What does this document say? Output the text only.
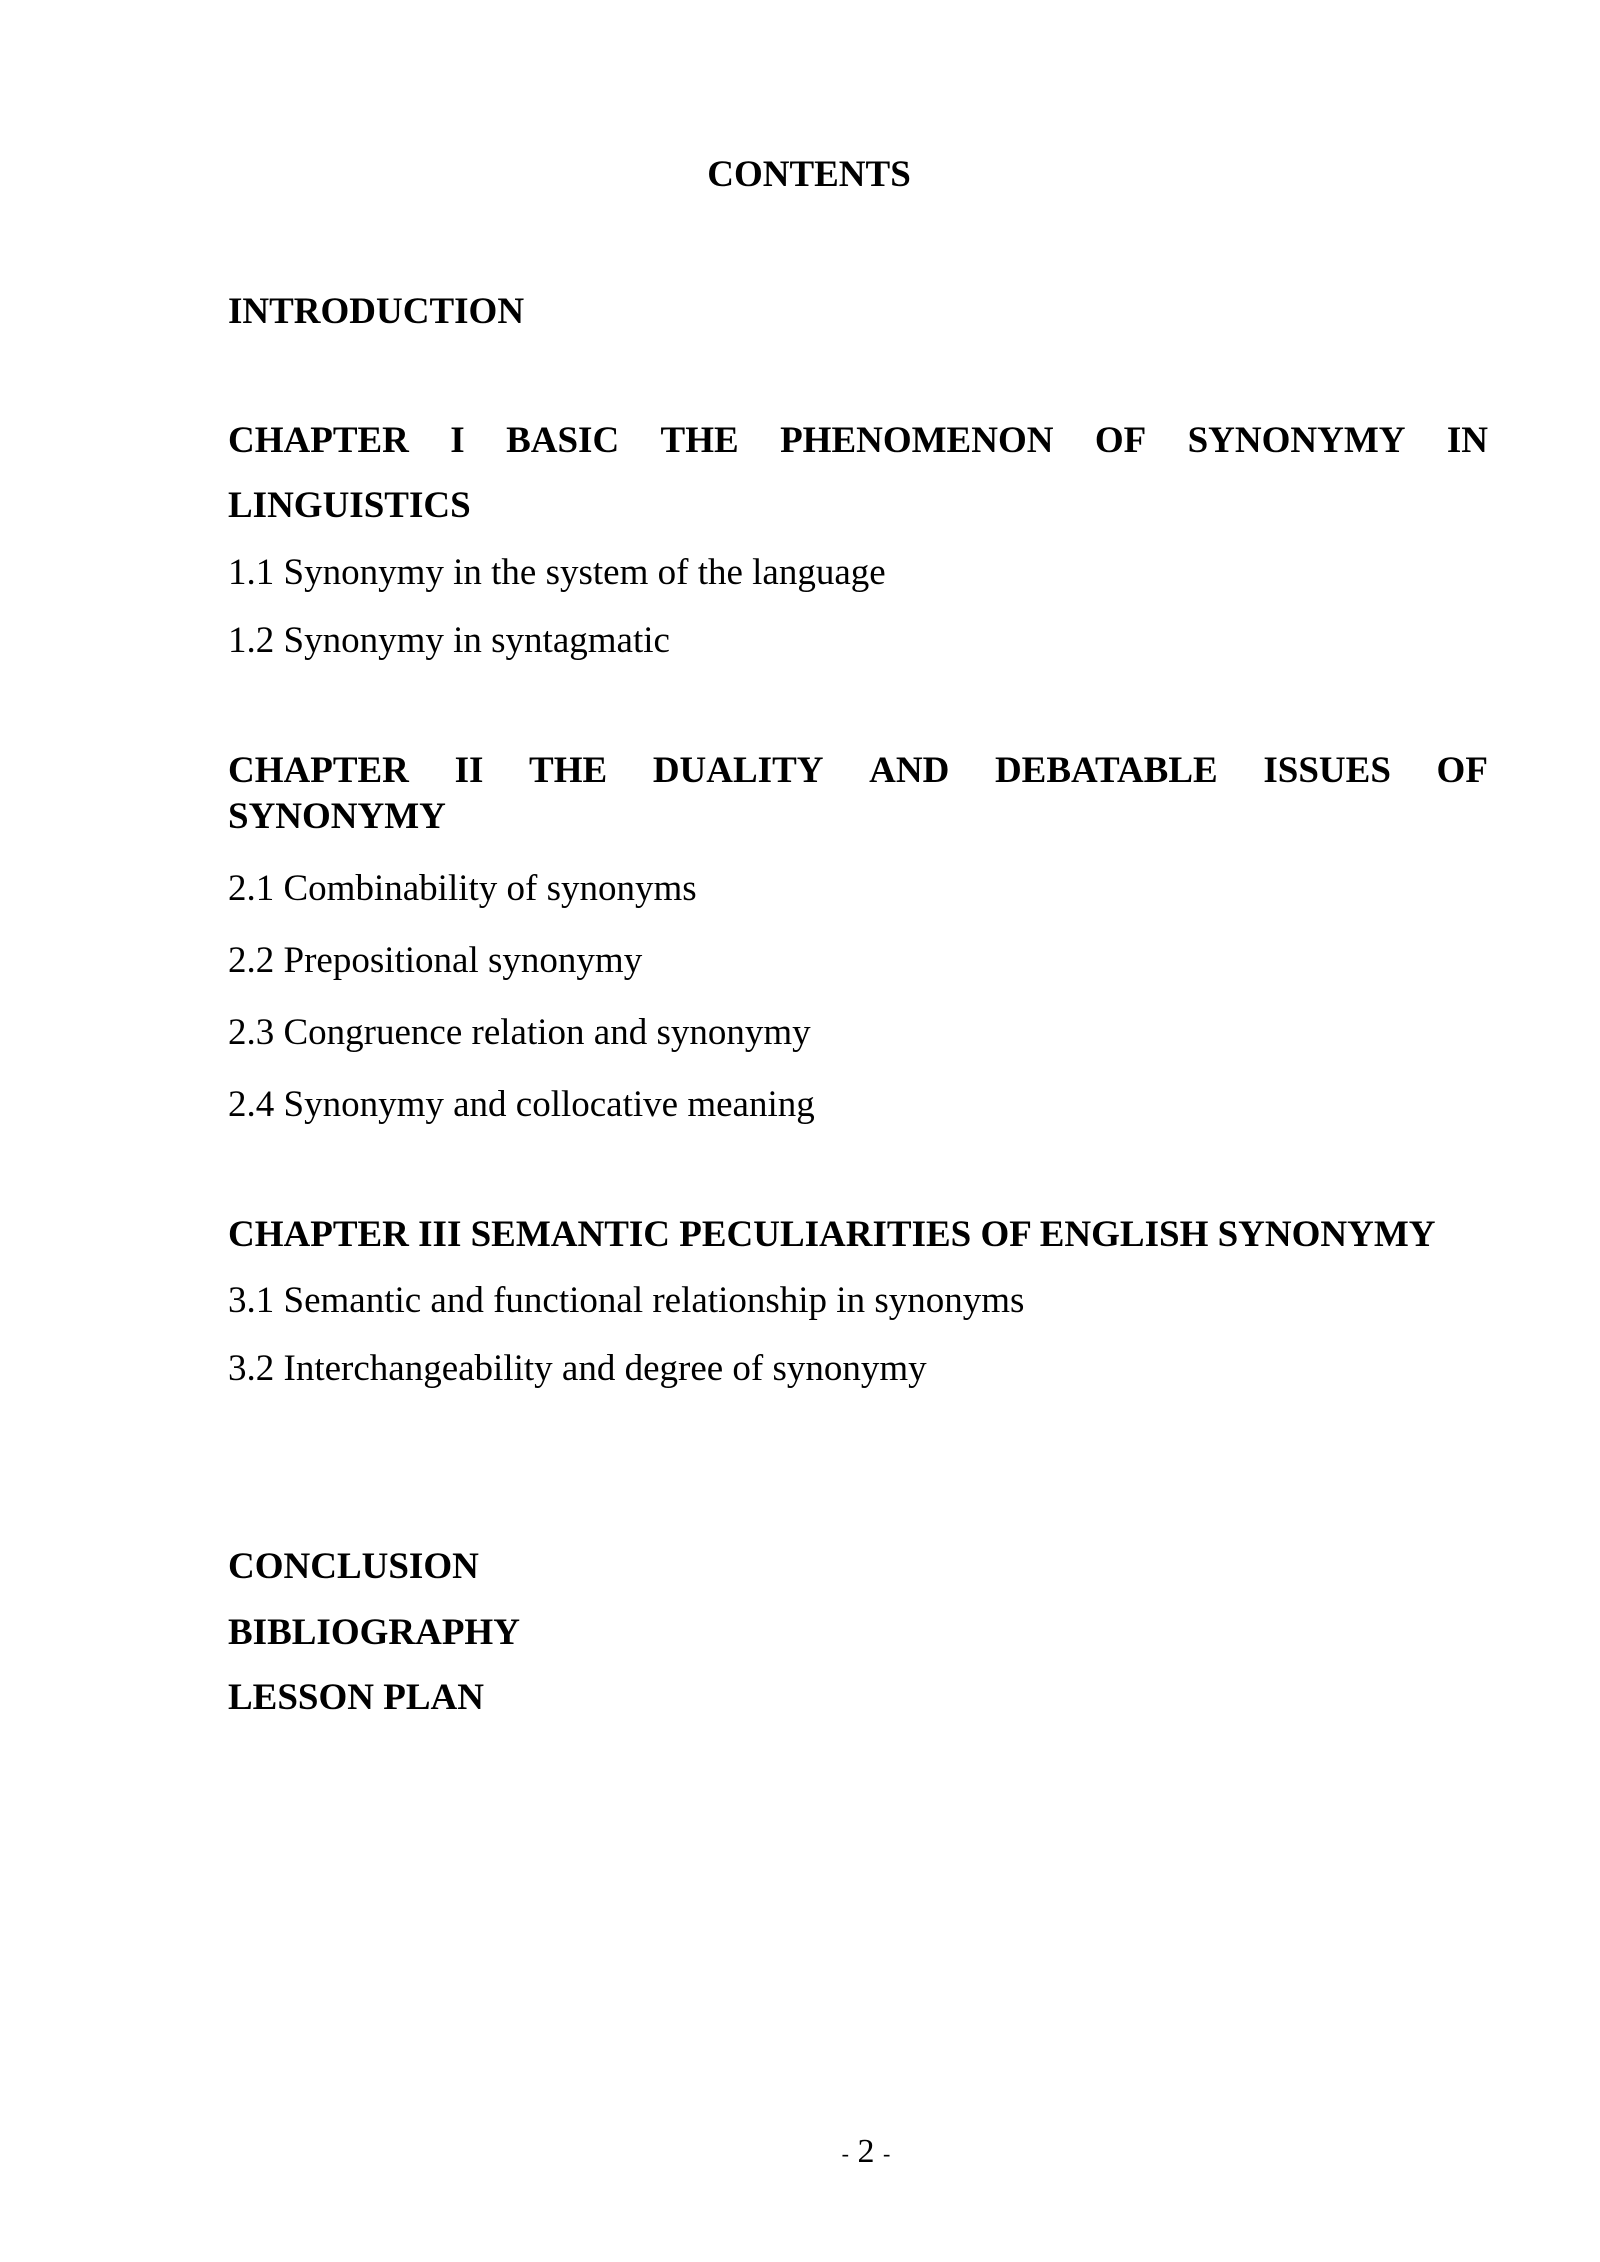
CONTENTS
INTRODUCTION
CHAPTER I BASIC THE PHENOMENON OF SYNONYMY IN
LINGUISTICS
1.1 Synonymy in the system of the language
1.2 Synonymy in syntagmatic
CHAPTER II THE DUALITY AND DEBATABLE ISSUES OF
SYNONYMY
2.1 Combinability of synonyms
2.2 Prepositional synonymy
2.3 Congruence relation and synonymy
2.4 Synonymy and collocative meaning
CHAPTER III SEMANTIC PECULIARITIES OF ENGLISH SYNONYMY
3.1 Semantic and functional relationship in synonyms
3.2 Interchangeability and degree of synonymy
CONCLUSION
BIBLIOGRAPHY
LESSON PLAN
- 2 -
